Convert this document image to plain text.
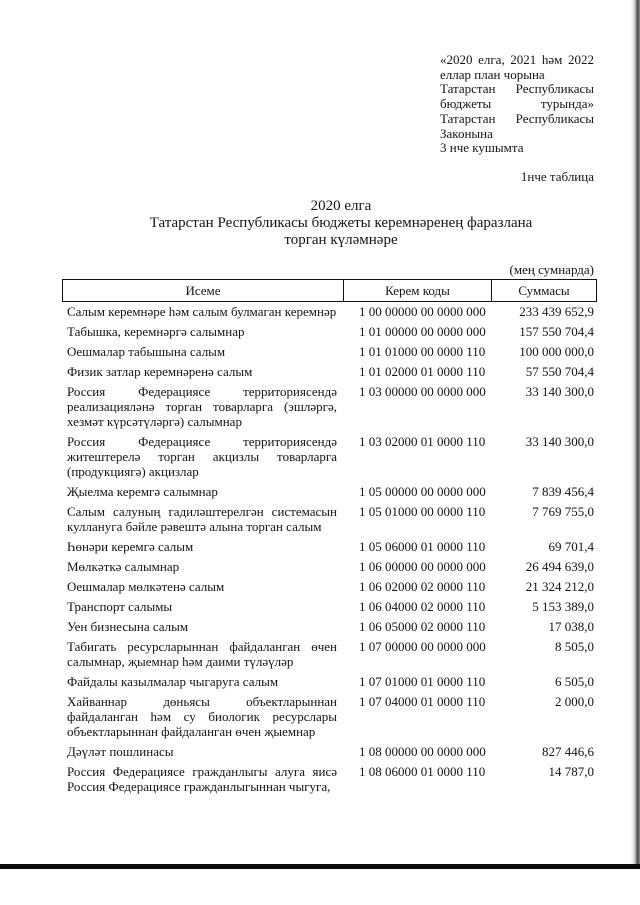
«2020 елга, 2021 һәм 2022
еллар план чорына
Татарстан Республикасы
бюджеты турында»
Татарстан Республикасы
Законына
3 нче кушымта
1нче таблица
2020 елга
Татарстан Республикасы бюджеты керемнәренең фаразлана
торган күләмнәре
(мең сумнарда)
Исеме	Керем коды	Суммасы
Салым керемнәре һәм салым булмаган керемнәр 1 00 00000 00 0000 000	233 439 652,9
Табышка, керемнәргә салымнар	1 01 00000 00 0000 000	157 550 704,4
Оешмалар табышына салым	1 01 01000 00 0000 110	100 000 000,0
Физик затлар керемнәренә салым	1 01 02000 01 0000 110	57 550 704,4
Россия Федерациясе территориясендә
реализацияләнә торган товарларга (эшләргә,
хезмәт күрсәтүләргә) салымнар
1 03 00000 00 0000 000	33 140 300,0
Россия Федерациясе территориясендә
житештерелә торган акцизлы товарларга
(продукциягә) акцизлар
1 03 02000 01 0000 110	33 140 300,0
Җыелма керемгә салымнар	1 05 00000 00 0000 000	7 839 456,4
Салым салуның гадиләштерелгән системасын
куллануга бәйле рәвештә алына торган салым
1 05 01000 00 0000 110	7 769 755,0
Һөнәри керемгә салым	1 05 06000 01 0000 110	69 701,4
Мөлкәткә салымнар	1 06 00000 00 0000 000	26 494 639,0
Оешмалар мөлкәтенә салым	1 06 02000 02 0000 110	21 324 212,0
Транспорт салымы	1 06 04000 02 0000 110	5 153 389,0
Уен бизнесына салым	1 06 05000 02 0000 110	17 038,0
Табигать ресурсларыннан файдаланган өчен
салымнар, җыемнар һәм даими түләүләр
1 07 00000 00 0000 000	8 505,0
Файдалы казылмалар чыгаруга салым	1 07 01000 01 0000 110	6 505,0
Хайваннар дөньясы объектларыннан
файдаланган һәм су биологик ресурслары
объектларыннан файдаланган өчен җыемнар
1 07 04000 01 0000 110	2 000,0
Дәүләт пошлинасы	1 08 00000 00 0000 000	827 446,6
Россия Федерациясе гражданлыгы алуга яисә
Россия Федерациясе гражданлыгыннан чыгуга,
1 08 06000 01 0000 110	14 787,0
